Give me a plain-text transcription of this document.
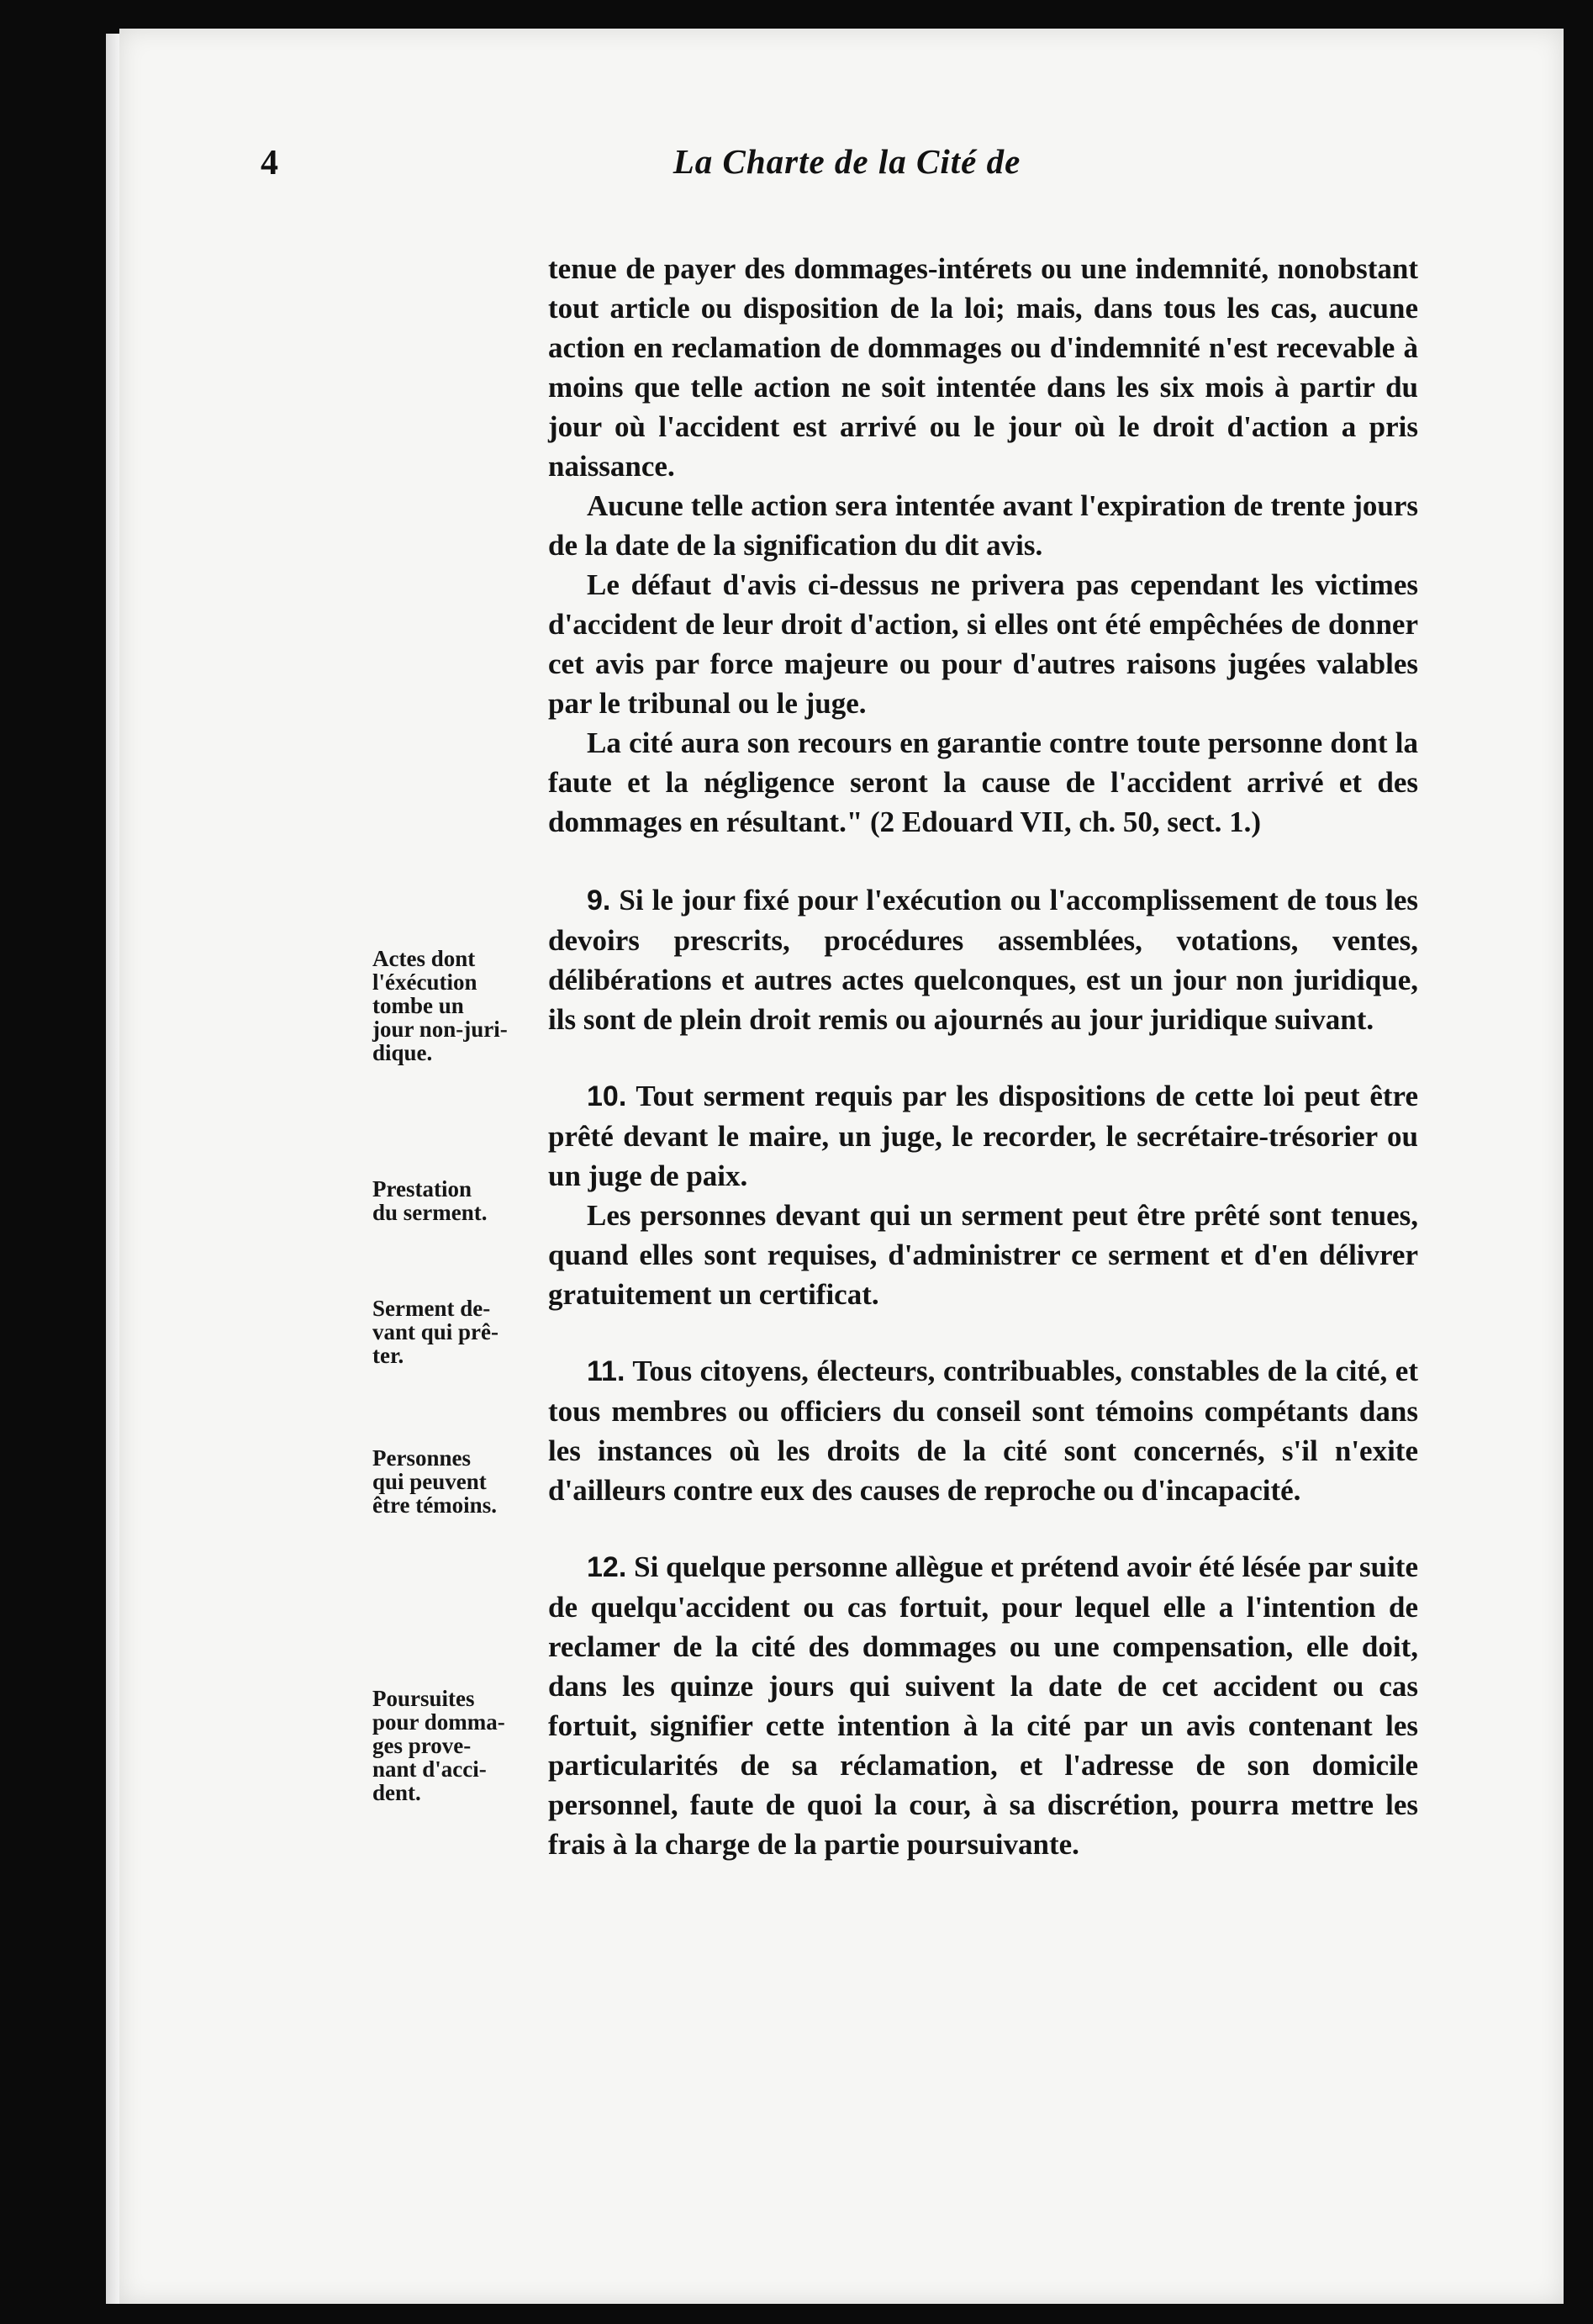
4	La Charte de la Cité de

tenue de payer des dommages-intérets ou une indemnité, nonobstant tout article ou disposition de la loi; mais, dans tous les cas, aucune action en reclamation de dommages ou d'indemnité n'est recevable à moins que telle action ne soit intentée dans les six mois à partir du jour où l'accident est arrivé ou le jour où le droit d'action a pris naissance.

Aucune telle action sera intentée avant l'expiration de trente jours de la date de la signification du dit avis.

Le défaut d'avis ci-dessus ne privera pas cependant les victimes d'accident de leur droit d'action, si elles ont été empêchées de donner cet avis par force majeure ou pour d'autres raisons jugées valables par le tribunal ou le juge.

La cité aura son recours en garantie contre toute personne dont la faute et la négligence seront la cause de l'accident arrivé et des dommages en résultant." (2 Edouard VII, ch. 50, sect. 1.)

9. Si le jour fixé pour l'exécution ou l'accomplissement de tous les devoirs prescrits, procédures assemblées, votations, ventes, délibérations et autres actes quelconques, est un jour non juridique, ils sont de plein droit remis ou ajournés au jour juridique suivant.

10. Tout serment requis par les dispositions de cette loi peut être prêté devant le maire, un juge, le recorder, le secrétaire-trésorier ou un juge de paix.

Les personnes devant qui un serment peut être prêté sont tenues, quand elles sont requises, d'administrer ce serment et d'en délivrer gratuitement un certificat.

11. Tous citoyens, électeurs, contribuables, constables de la cité, et tous membres ou officiers du conseil sont témoins compétants dans les instances où les droits de la cité sont concernés, s'il n'exite d'ailleurs contre eux des causes de reproche ou d'incapacité.

12. Si quelque personne allègue et prétend avoir été lésée par suite de quelqu'accident ou cas fortuit, pour lequel elle a l'intention de reclamer de la cité des dommages ou une compensation, elle doit, dans les quinze jours qui suivent la date de cet accident ou cas fortuit, signifier cette intention à la cité par un avis contenant les particularités de sa réclamation, et l'adresse de son domicile personnel, faute de quoi la cour, à sa discrétion, pourra mettre les frais à la charge de la partie poursuivante.

Actes dont
l'éxécution
tombe un
jour non-juri-
dique.
Prestation
du serment.
Serment de-
vant qui prê-
ter.
Personnes
qui peuvent
être témoins.
Poursuites
pour domma-
ges prove-
nant d'acci-
dent.
